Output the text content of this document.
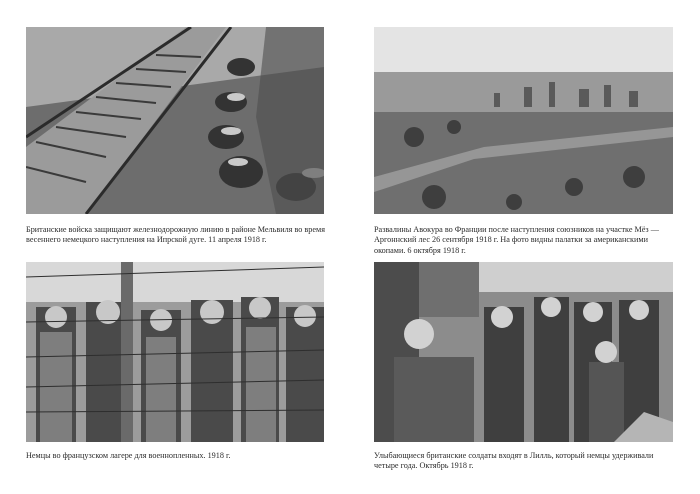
Британские войска защищают железнодорожную линию в районе Мельвиля во время весеннего немецкого наступления на Ипрской дуге. 11 апреля 1918 г.

Развалины Авокура во Франции после наступления союзников на участке Мёз — Аргоннский лес 26 сентября 1918 г. На фото видны палатки за американскими окопами. 6 октября 1918 г.

Немцы во французском лагере для военнопленных. 1918 г.	Улыбающиеся британские солдаты входят в Лилль, который немцы удерживали четыре года. Октябрь 1918 г.
